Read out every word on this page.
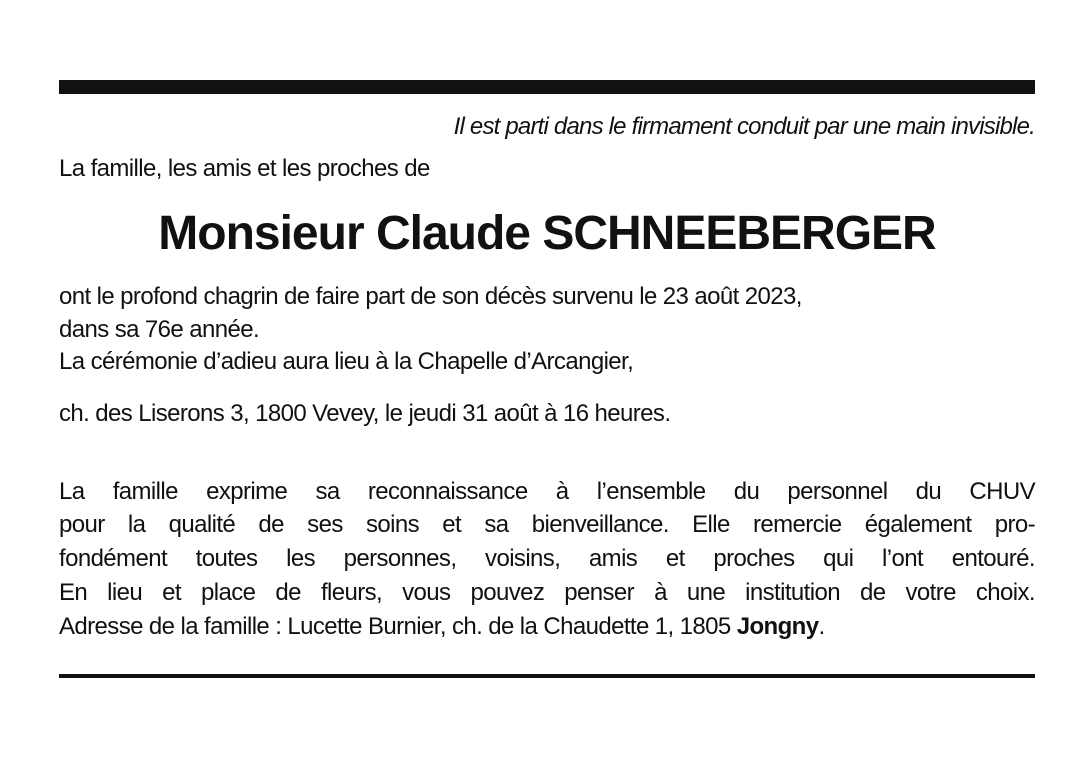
Il est parti dans le firmament conduit par une main invisible.
La famille, les amis et les proches de
Monsieur Claude SCHNEEBERGER
ont le profond chagrin de faire part de son décès survenu le 23 août 2023,
dans sa 76e année.
La cérémonie d’adieu aura lieu à la Chapelle d’Arcangier,
ch. des Liserons 3, 1800 Vevey, le jeudi 31 août à 16 heures.
La famille exprime sa reconnaissance à l’ensemble du personnel du CHUV
pour la qualité de ses soins et sa bienveillance. Elle remercie également pro-
fondément toutes les personnes, voisins, amis et proches qui l’ont entouré.
En lieu et place de fleurs, vous pouvez penser à une institution de votre choix.
Adresse de la famille : Lucette Burnier, ch. de la Chaudette 1, 1805 Jongny.
